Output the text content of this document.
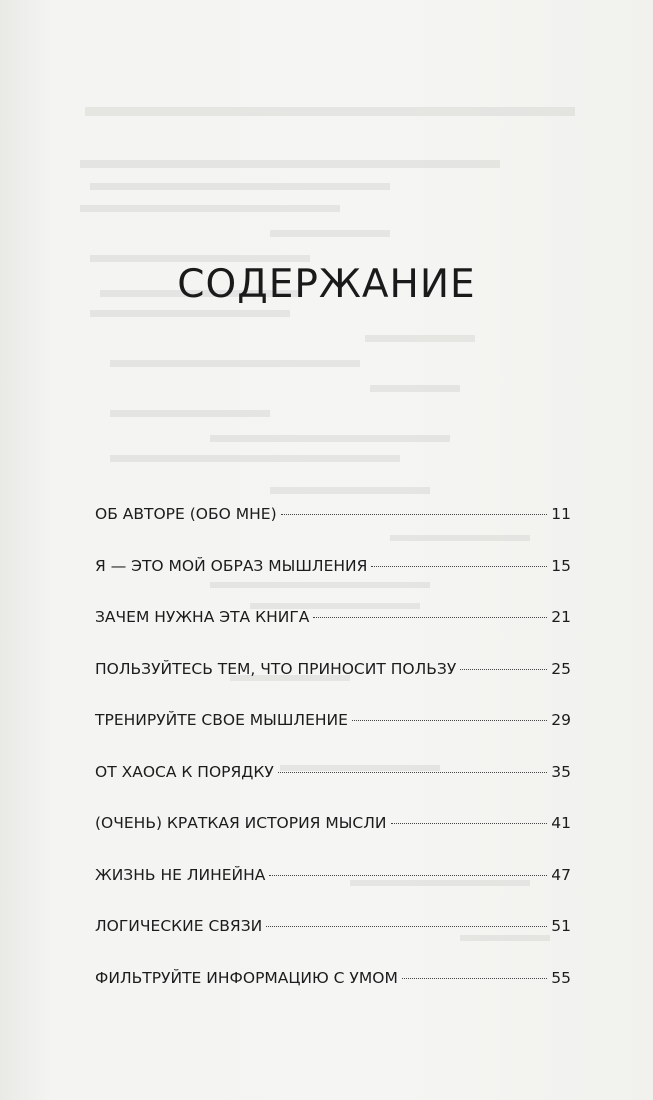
СОДЕРЖАНИЕ
ОБ АВТОРЕ (ОБО МНЕ)	11
Я — ЭТО МОЙ ОБРАЗ МЫШЛЕНИЯ	15
ЗАЧЕМ НУЖНА ЭТА КНИГА	21
ПОЛЬЗУЙТЕСЬ ТЕМ, ЧТО ПРИНОСИТ ПОЛЬЗУ	25
ТРЕНИРУЙТЕ СВОЕ МЫШЛЕНИЕ	29
ОТ ХАОСА К ПОРЯДКУ	35
(ОЧЕНЬ) КРАТКАЯ ИСТОРИЯ МЫСЛИ	41
ЖИЗНЬ НЕ ЛИНЕЙНА	47
ЛОГИЧЕСКИЕ СВЯЗИ	51
ФИЛЬТРУЙТЕ ИНФОРМАЦИЮ С УМОМ	55
